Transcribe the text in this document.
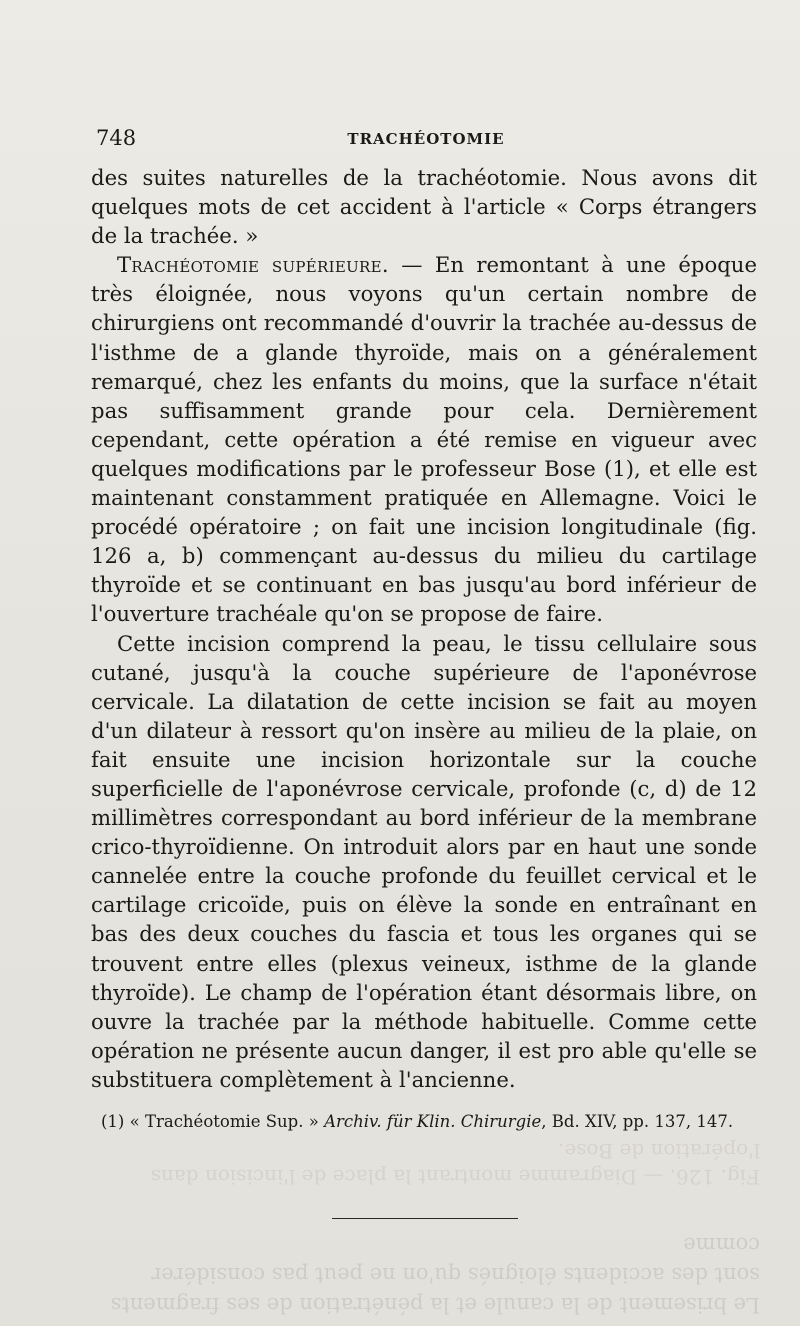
Fig. 126. — Diagramme montrant la place de l'incision dans l'opération de Bose.
Le brisement de la canule et la pénétration de ses fragments sont des accidents éloignés qu'on ne peut pas considérer comme
748	TRACHÉOTOMIE

des suites naturelles de la trachéotomie. Nous avons dit quelques mots de cet accident à l'article « Corps étrangers de la trachée. »

Trachéotomie supérieure. — En remontant à une époque très éloignée, nous voyons qu'un certain nombre de chirurgiens ont recommandé d'ouvrir la trachée au-dessus de l'isthme de a glande thyroïde, mais on a généralement remarqué, chez les enfants du moins, que la surface n'était pas suffisamment grande pour cela. Dernièrement cependant, cette opération a été remise en vigueur avec quelques modifications par le professeur Bose (1), et elle est maintenant constamment pratiquée en Allemagne. Voici le procédé opératoire ; on fait une incision longitudinale (fig. 126 a, b) commençant au-dessus du milieu du cartilage thyroïde et se continuant en bas jusqu'au bord inférieur de l'ouverture trachéale qu'on se propose de faire.

Cette incision comprend la peau, le tissu cellulaire sous cutané, jusqu'à la couche supérieure de l'aponévrose cervicale. La dilatation de cette incision se fait au moyen d'un dilateur à ressort qu'on insère au milieu de la plaie, on fait ensuite une incision horizontale sur la couche superficielle de l'aponévrose cervicale, profonde (c, d) de 12 millimètres correspondant au bord inférieur de la membrane crico-thyroïdienne. On introduit alors par en haut une sonde cannelée entre la couche profonde du feuillet cervical et le cartilage cricoïde, puis on élève la sonde en entraînant en bas des deux couches du fascia et tous les organes qui se trouvent entre elles (plexus veineux, isthme de la glande thyroïde). Le champ de l'opération étant désormais libre, on ouvre la trachée par la méthode habituelle. Comme cette opération ne présente aucun danger, il est pro able qu'elle se substituera complètement à l'ancienne.

(1) « Trachéotomie Sup. » Archiv. für Klin. Chirurgie, Bd. XIV, pp. 137, 147.
